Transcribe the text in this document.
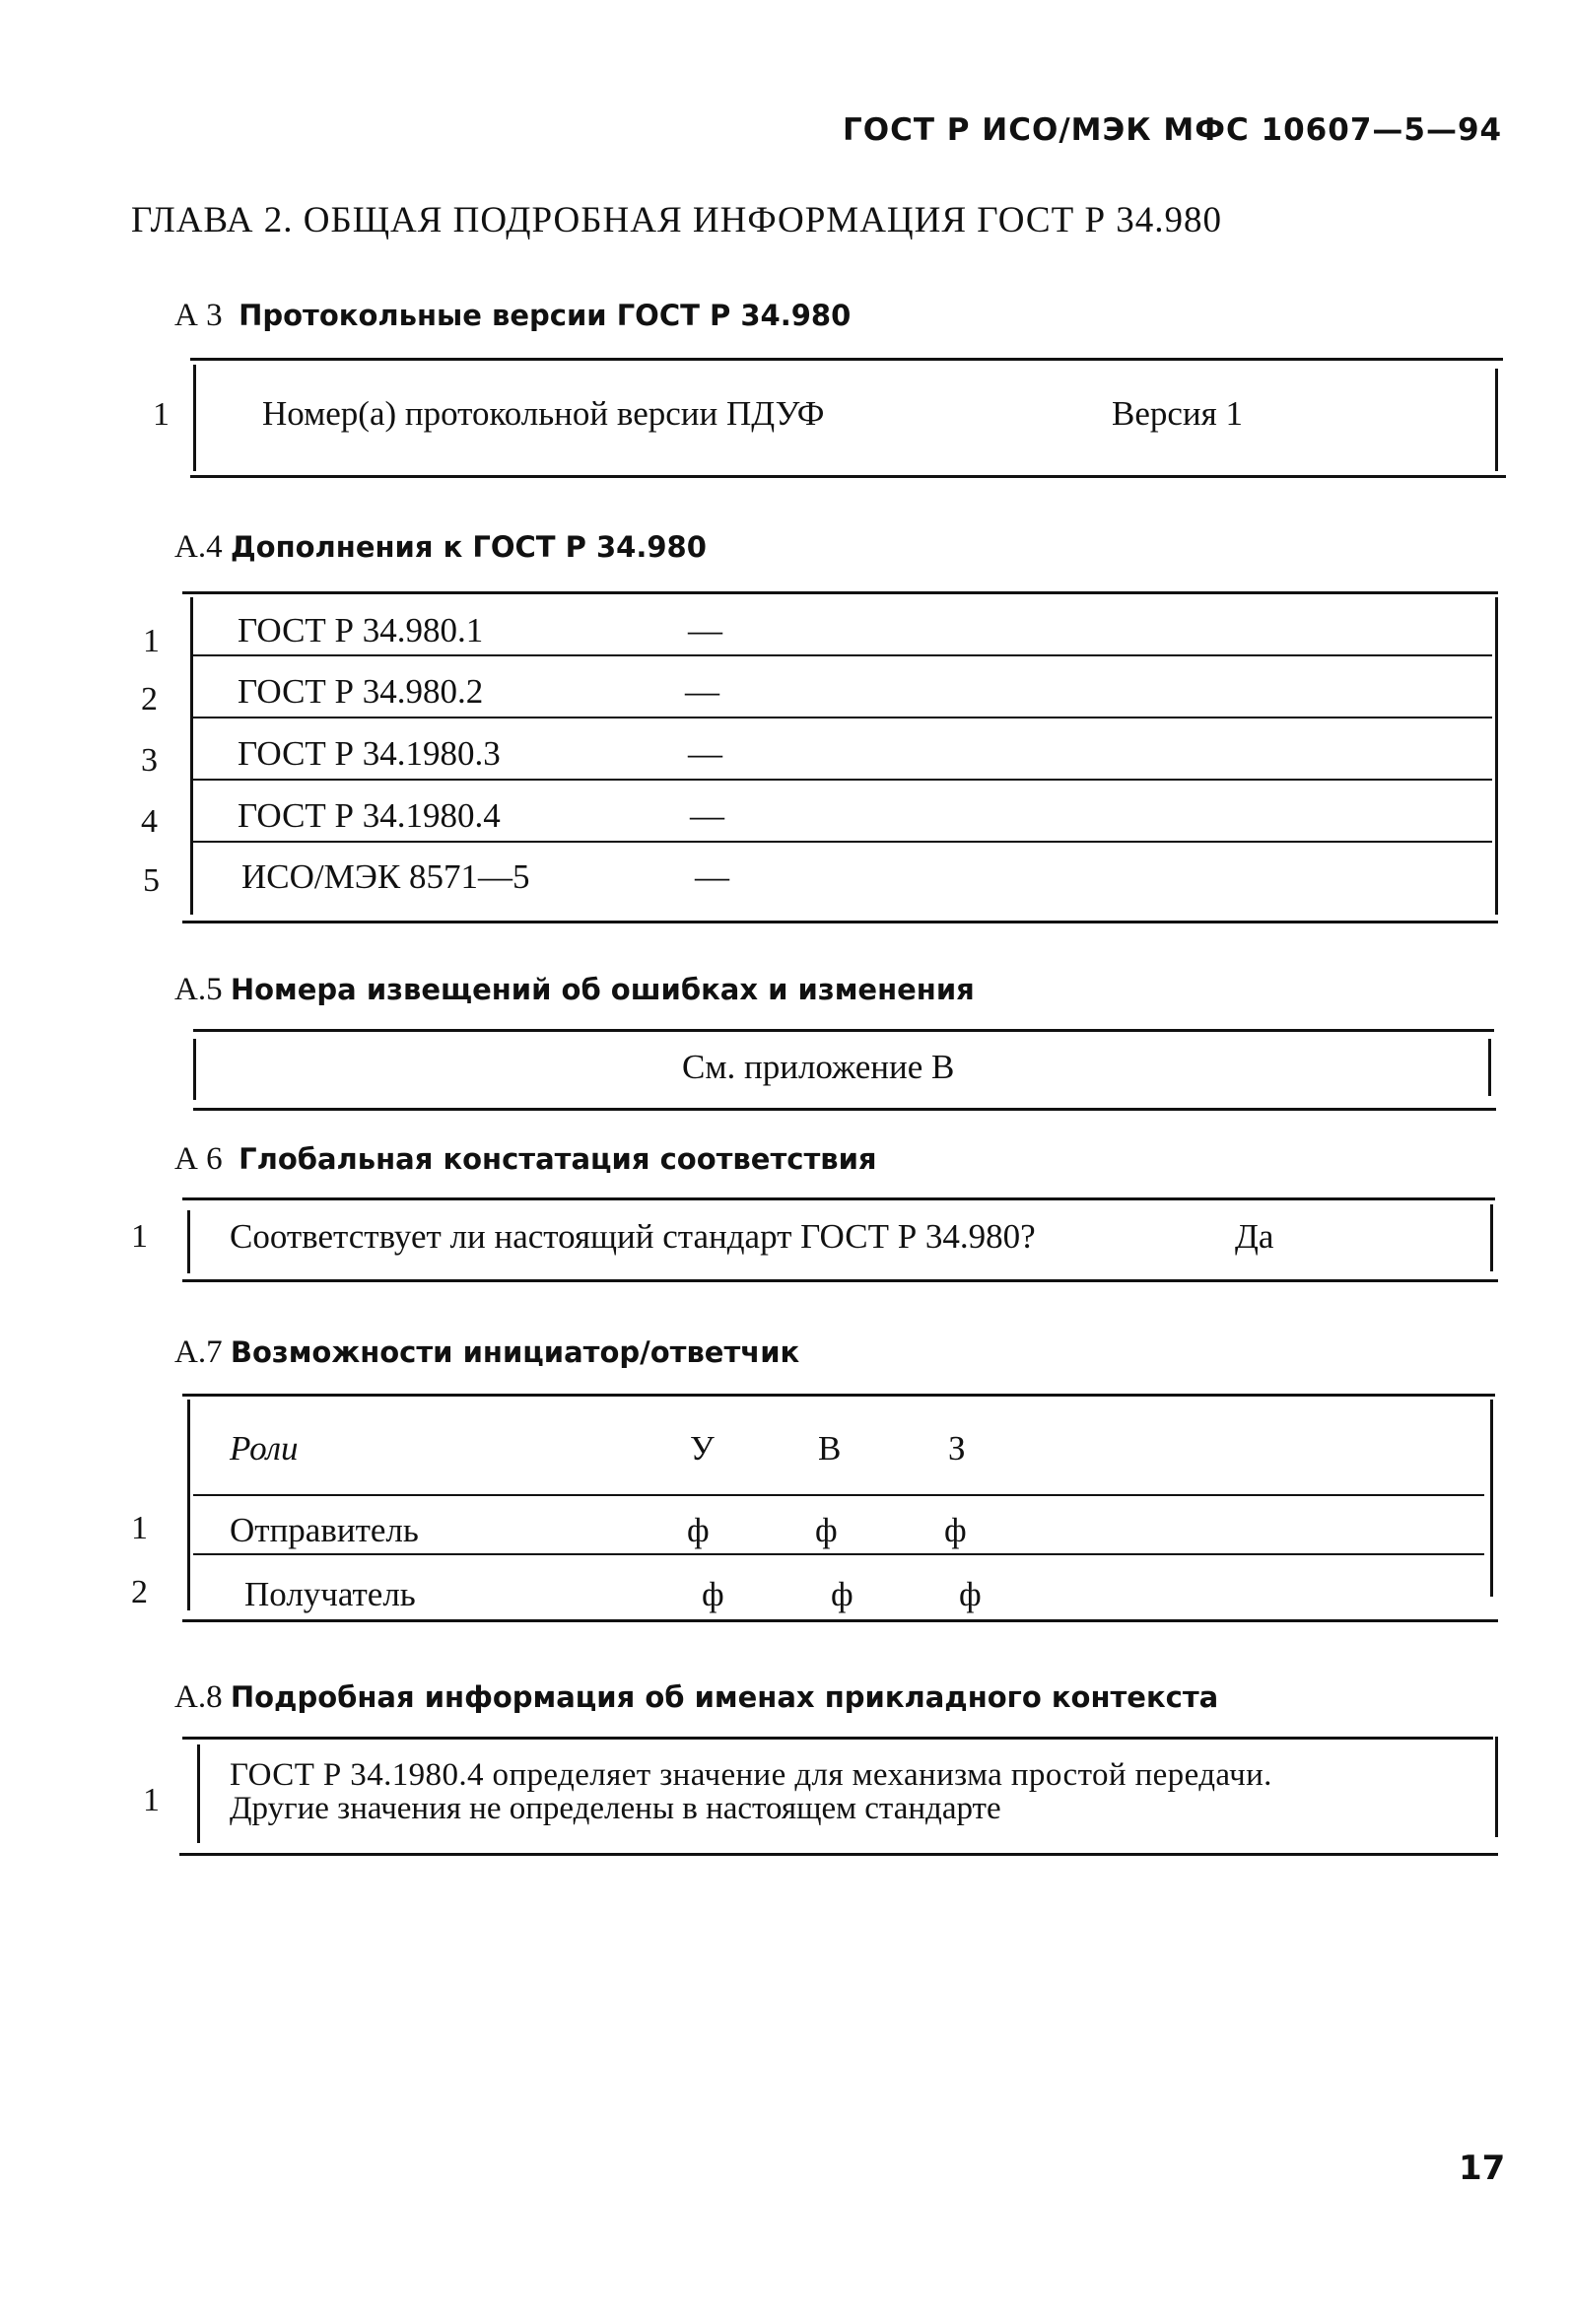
ГОСТ Р ИСО/МЭК МФС 10607—5—94
ГЛАВА 2. ОБЩАЯ ПОДРОБНАЯ ИНФОРМАЦИЯ ГОСТ Р 34.980
А 3 Протокольные версии ГОСТ Р 34.980
1	Номер(а) протокольной версии ПДУФ	Версия 1
А.4 Дополнения к ГОСТ Р 34.980
1 ГОСТ Р 34.980.1	—
2 ГОСТ Р 34.980.2	—
3 ГОСТ Р 34.1980.3	—
4 ГОСТ Р 34.1980.4	—
5 ИСО/МЭК 8571—5	—
А.5 Номера извещений об ошибках и изменения
См. приложение В
А 6 Глобальная констатация соответствия
1 Соответствует ли настоящий стандарт ГОСТ Р 34.980?	Да
А.7 Возможности инициатор/ответчик
Роли	У	В	З
1 Отправитель	ф	ф	ф
2	Получатель	ф	ф	ф
А.8 Подробная информация об именах прикладного контекста
1
ГОСТ Р 34.1980.4 определяет значение для механизма простой передачи.
Другие значения не определены в настоящем стандарте
17
